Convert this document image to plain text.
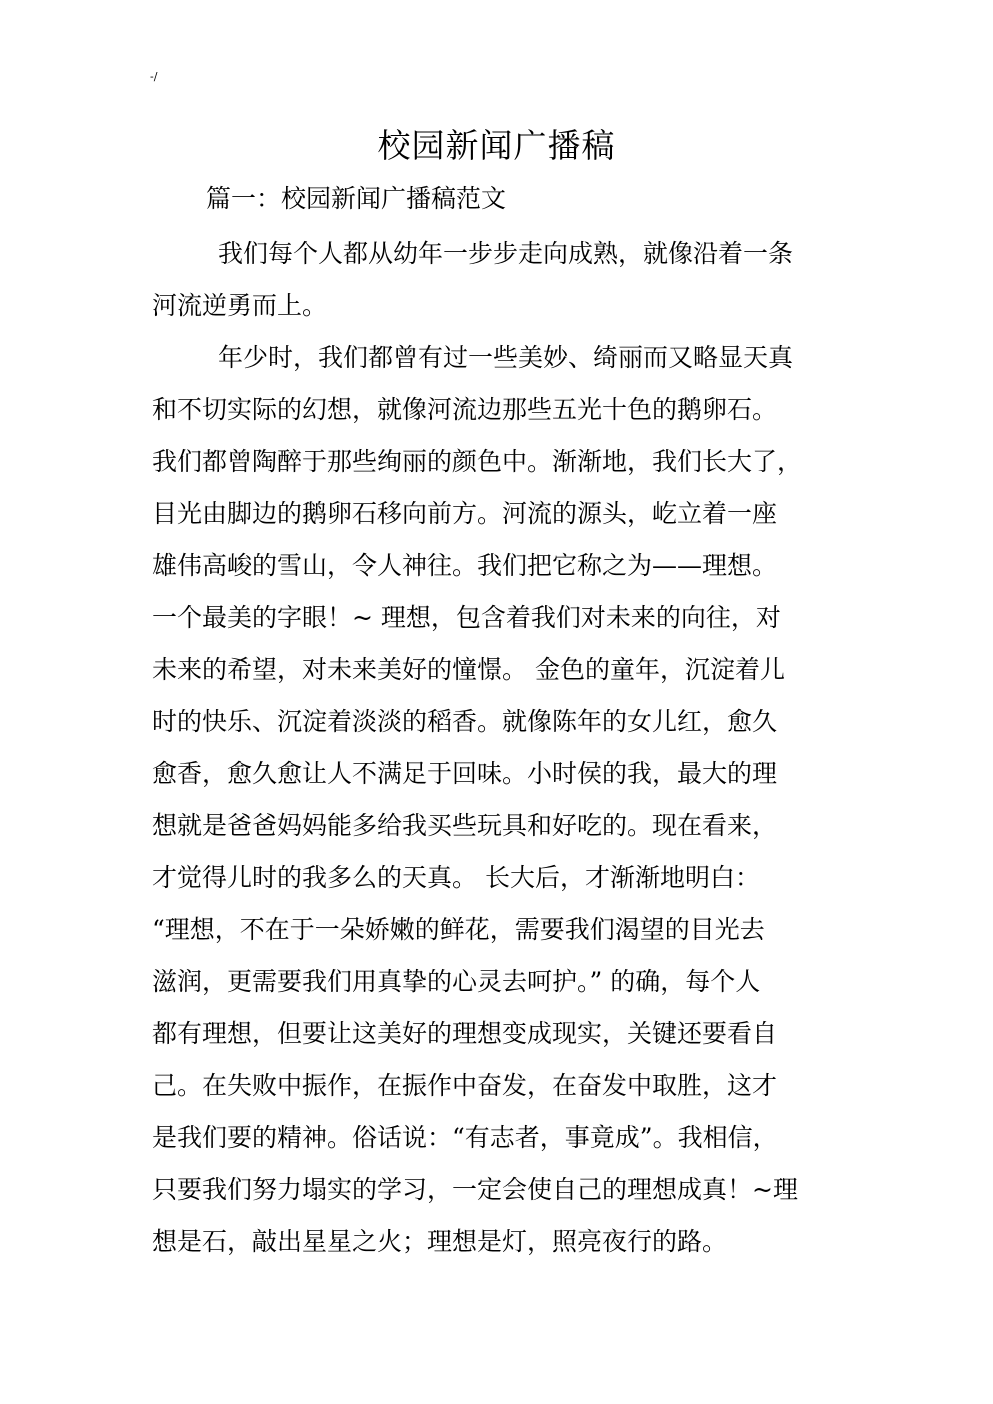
-/
校园新闻广播稿
篇一：校园新闻广播稿范文
我们每个人都从幼年一步步走向成熟，就像沿着一条
河流逆勇而上。
年少时，我们都曾有过一些美妙、绮丽而又略显天真
和不切实际的幻想，就像河流边那些五光十色的鹅卵石。
我们都曾陶醉于那些绚丽的颜色中。渐渐地，我们长大了，
目光由脚边的鹅卵石移向前方。河流的源头，屹立着一座
雄伟高峻的雪山，令人神往。我们把它称之为——理想。
一个最美的字眼！~ 理想，包含着我们对未来的向往，对
未来的希望，对未来美好的憧憬。 金色的童年，沉淀着儿
时的快乐、沉淀着淡淡的稻香。就像陈年的女儿红，愈久
愈香，愈久愈让人不满足于回味。小时侯的我，最大的理
想就是爸爸妈妈能多给我买些玩具和好吃的。现在看来，
才觉得儿时的我多么的天真。 长大后，才渐渐地明白：
“理想，不在于一朵娇嫩的鲜花，需要我们渴望的目光去
滋润，更需要我们用真挚的心灵去呵护。” 的确，每个人
都有理想，但要让这美好的理想变成现实，关键还要看自
己。在失败中振作，在振作中奋发，在奋发中取胜，这才
是我们要的精神。俗话说：“有志者，事竟成”。我相信，
只要我们努力塌实的学习，一定会使自己的理想成真！~理
想是石，敲出星星之火；理想是灯，照亮夜行的路。
